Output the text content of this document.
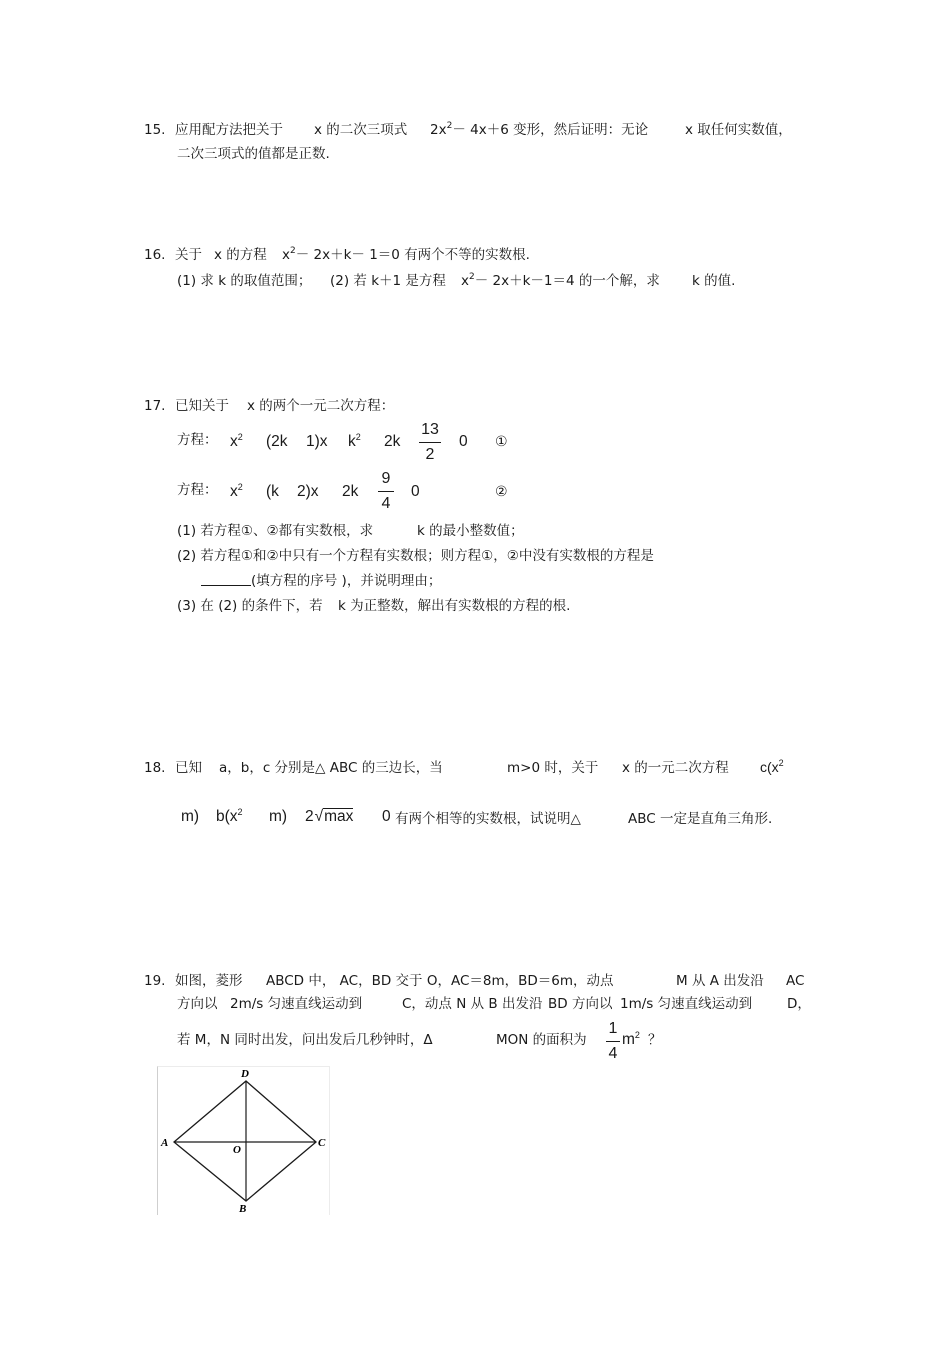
15. 应用配方法把关于 x 的二次三项式 $2x^2- 4x+6$ 变形，然后证明：无论	x 取任何实数值，
二次三项式的值都是正数.
16. 关于 x 的方程 $x^2- 2x+k- 1=0$ 有两个不等的实数根.
(1) 求 k 的取值范围； (2) 若 k＋1 是方程 $x^2- 2x+k-1=4$ 的一个解，求 k 的值.
17. 已知关于 x 的两个一元二次方程：
方程： $x^2$ (2k 1)x $k^2$ 2k
13
2
0 ①
方程： $x^2$ (k 2)x 2k
9
4
0	②
(1) 若方程①、②都有实数根，求	k 的最小整数值；
(2) 若方程①和②中只有一个方程有实数根；则方程①，②中没有实数根的方程是
(填方程的序号 )，并说明理由；
(3) 在 (2) 的条件下，若 k 为正整数，解出有实数根的方程的根.
18. 已知 a，b，c 分别是△ ABC 的三边长，当	m>0 时，关于 x 的一元二次方程 $c(x^2$
m) $b(x^2$ m) 2√max 0 有两个相等的实数根，试说明△	ABC 一定是直角三角形.
19. 如图，菱形 ABCD 中， AC，BD 交于 O，AC＝8m，BD＝6m，动点	M 从 A 出发沿 AC
方向以 2m/s 匀速直线运动到	C，动点 N 从 B 出发沿 BD 方向以 1m/s 匀速直线运动到	D，
若 M，N 同时出发，问出发后几秒钟时，Δ	MON 的面积为
1
4
$m^2$ ？
D
A	C
B
O
